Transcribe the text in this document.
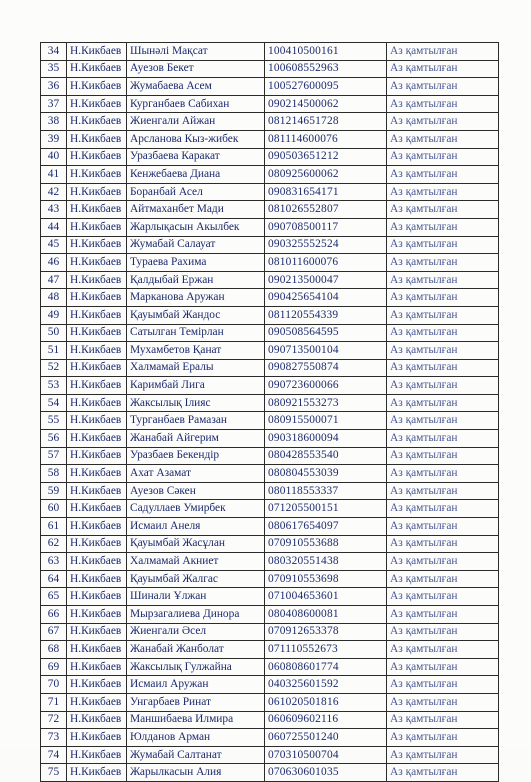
34	Н.Кикбаев	Шынәлі Мақсат	100410500161	Аз қамтылған
35	Н.Кикбаев	Ауезов Бекет	100608552963	Аз қамтылған
36	Н.Кикбаев	Жумабаева Асем	100527600095	Аз қамтылған
37	Н.Кикбаев	Курганбаев Сабихан	090214500062	Аз қамтылған
38	Н.Кикбаев	Жиенгали Айжан	081214651728	Аз қамтылған
39	Н.Кикбаев	Арсланова Кыз-жибек	081114600076	Аз қамтылған
40	Н.Кикбаев	Уразбаева Каракат	090503651212	Аз қамтылған
41	Н.Кикбаев	Кенжебаева Диана	080925600062	Аз қамтылған
42	Н.Кикбаев	Боранбай Асел	090831654171	Аз қамтылған
43	Н.Кикбаев	Айтмаханбет Мади	081026552807	Аз қамтылған
44	Н.Кикбаев	Жарлықасын Акылбек	090708500117	Аз қамтылған
45	Н.Кикбаев	Жумабай Салауат	090325552524	Аз қамтылған
46	Н.Кикбаев	Тураева Рахима	081011600076	Аз қамтылған
47	Н.Кикбаев	Қалдыбай Ержан	090213500047	Аз қамтылған
48	Н.Кикбаев	Марканова Аружан	090425654104	Аз қамтылған
49	Н.Кикбаев	Қауымбай Жандос	081120554339	Аз қамтылған
50	Н.Кикбаев	Сатылган Темірлан	090508564595	Аз қамтылған
51	Н.Кикбаев	Мухамбетов Қанат	090713500104	Аз қамтылған
52	Н.Кикбаев	Халмамай Ералы	090827550874	Аз қамтылған
53	Н.Кикбаев	Каримбай Лига	090723600066	Аз қамтылған
54	Н.Кикбаев	Жаксылық Ілияс	080921553273	Аз қамтылған
55	Н.Кикбаев	Турганбаев Рамазан	080915500071	Аз қамтылған
56	Н.Кикбаев	Жанабай Айгерим	090318600094	Аз қамтылған
57	Н.Кикбаев	Уразбаев Бекендір	080428553540	Аз қамтылған
58	Н.Кикбаев	Ахат Азамат	080804553039	Аз қамтылған
59	Н.Кикбаев	Ауезов Сәкен	080118553337	Аз қамтылған
60	Н.Кикбаев	Садуллаев Умирбек	071205500151	Аз қамтылған
61	Н.Кикбаев	Исмаил Анеля	080617654097	Аз қамтылған
62	Н.Кикбаев	Қауымбай Жасұлан	070910553688	Аз қамтылған
63	Н.Кикбаев	Халмамай Акниет	080320551438	Аз қамтылған
64	Н.Кикбаев	Қауымбай Жалгас	070910553698	Аз қамтылған
65	Н.Кикбаев	Шинали Ұлжан	071004653601	Аз қамтылған
66	Н.Кикбаев	Мырзагалиева Динора	080408600081	Аз қамтылған
67	Н.Кикбаев	Жиенгали Әсел	070912653378	Аз қамтылған
68	Н.Кикбаев	Жанабай Жанболат	071110552673	Аз қамтылған
69	Н.Кикбаев	Жаксылық Гулжайна	060808601774	Аз қамтылған
70	Н.Кикбаев	Исмаил Аружан	040325601592	Аз қамтылған
71	Н.Кикбаев	Унгарбаев Ринат	061020501816	Аз қамтылған
72	Н.Кикбаев	Маншибаева Илмира	060609602116	Аз қамтылған
73	Н.Кикбаев	Юлданов Арман	060725501240	Аз қамтылған
74	Н.Кикбаев	Жумабай Салтанат	070310500704	Аз қамтылған
75	Н.Кикбаев	Жарылкасын Алия	070630601035	Аз қамтылған
